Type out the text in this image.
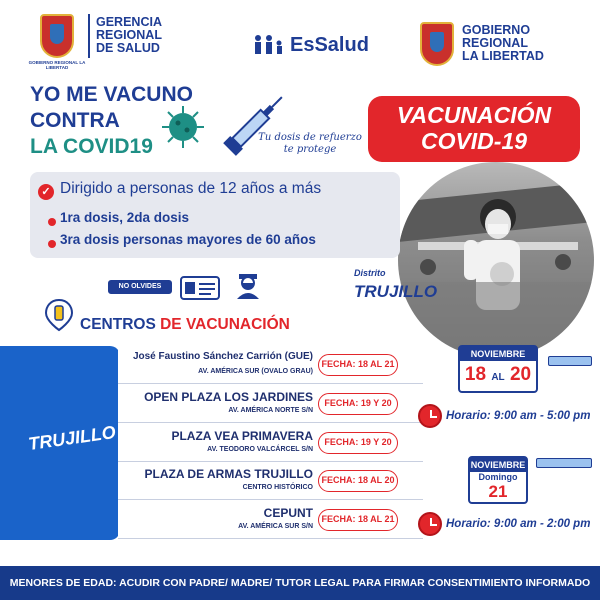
GOBIERNO REGIONAL LA LIBERTAD
GERENCIA
REGIONAL
DE SALUD	EsSalud
GOBIERNO
REGIONAL
LA LIBERTAD
YO ME VACUNO
CONTRA
LA COVID19	Tu dosis de refuerzo
te protege
VACUNACIÓN
COVID-19
✓ Dirigido a personas de 12 años a más
1ra dosis, 2da dosis
3ra dosis personas mayores de 60 años
NO OLVIDES
Distrito
TRUJILLO
CENTROS DE VACUNACIÓN
TRUJILLO
José Faustino Sánchez Carrión (GUE)
AV. AMÉRICA SUR (OVALO GRAU)
FECHA: 18 AL 21
OPEN PLAZA LOS JARDINES
AV. AMÉRICA NORTE S/N
FECHA: 19 Y 20
PLAZA VEA PRIMAVERA
AV. TEODORO VALCÁRCEL S/N
FECHA: 19 Y 20
PLAZA DE ARMAS TRUJILLO
CENTRO HISTÓRICO
FECHA: 18 AL 20
CEPUNT
AV. AMÉRICA SUR S/N
FECHA: 18 AL 21
NOVIEMBRE
18 AL 20
Horario: 9:00 am - 5:00 pm
NOVIEMBRE
Domingo
21
Horario: 9:00 am - 2:00 pm
MENORES DE EDAD: ACUDIR CON PADRE/ MADRE/ TUTOR LEGAL PARA FIRMAR CONSENTIMIENTO INFORMADO
